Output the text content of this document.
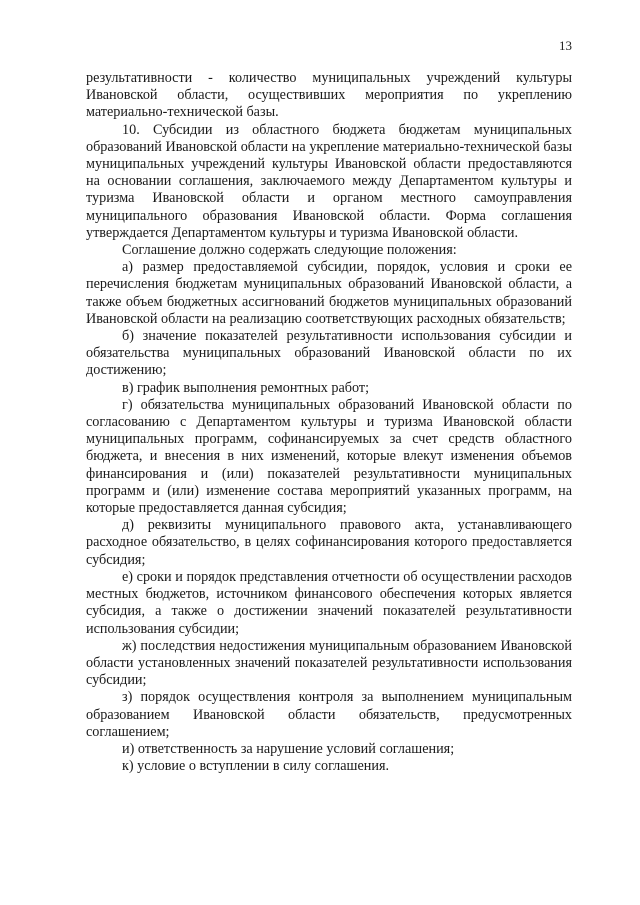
13

результативности - количество муниципальных учреждений культуры Ивановской области, осуществивших мероприятия по укреплению материально-технической базы.

10. Субсидии из областного бюджета бюджетам муниципальных образований Ивановской области на укрепление материально-технической базы муниципальных учреждений культуры Ивановской области предоставляются на основании соглашения, заключаемого между Департаментом культуры и туризма Ивановской области и органом местного самоуправления муниципального образования Ивановской области. Форма соглашения утверждается Департаментом культуры и туризма Ивановской области.

Соглашение должно содержать следующие положения:

а) размер предоставляемой субсидии, порядок, условия и сроки ее перечисления бюджетам муниципальных образований Ивановской области, а также объем бюджетных ассигнований бюджетов муниципальных образований Ивановской области на реализацию соответствующих расходных обязательств;

б) значение показателей результативности использования субсидии и обязательства муниципальных образований Ивановской области по их достижению;

в) график выполнения ремонтных работ;

г) обязательства муниципальных образований Ивановской области по согласованию с Департаментом культуры и туризма Ивановской области муниципальных программ, софинансируемых за счет средств областного бюджета, и внесения в них изменений, которые влекут изменения объемов финансирования и (или) показателей результативности муниципальных программ и (или) изменение состава мероприятий указанных программ, на которые предоставляется данная субсидия;

д) реквизиты муниципального правового акта, устанавливающего расходное обязательство, в целях софинансирования которого предоставляется субсидия;

е) сроки и порядок представления отчетности об осуществлении расходов местных бюджетов, источником финансового обеспечения которых является субсидия, а также о достижении значений показателей результативности использования субсидии;

ж) последствия недостижения муниципальным образованием Ивановской области установленных значений показателей результативности использования субсидии;

з) порядок осуществления контроля за выполнением муниципальным образованием Ивановской области обязательств, предусмотренных соглашением;

и) ответственность за нарушение условий соглашения;

к) условие о вступлении в силу соглашения.
